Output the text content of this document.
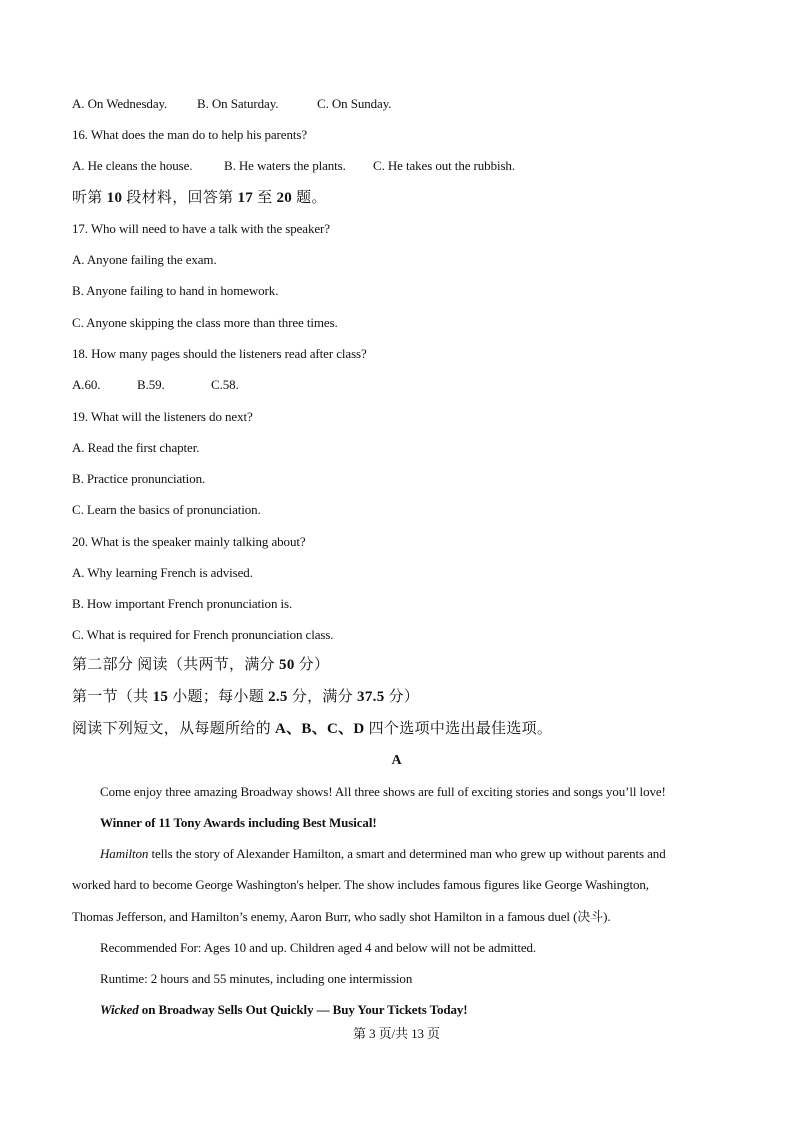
A. On Wednesday. B. On Saturday.	C. On Sunday.
16. What does the man do to help his parents?
A. He cleans the house. B. He waters the plants. C. He takes out the rubbish.
听第 10 段材料，回答第 17 至 20 题。
17. Who will need to have a talk with the speaker?
A. Anyone failing the exam.
B. Anyone failing to hand in homework.
C. Anyone skipping the class more than three times.
18. How many pages should the listeners read after class?
A.60.	B.59.	C.58.
19. What will the listeners do next?
A. Read the first chapter.
B. Practice pronunciation.
C. Learn the basics of pronunciation.
20. What is the speaker mainly talking about?
A. Why learning French is advised.
B. How important French pronunciation is.
C. What is required for French pronunciation class.
第二部分 阅读（共两节，满分 50 分）
第一节（共 15 小题；每小题 2.5 分，满分 37.5 分）
阅读下列短文，从每题所给的 A、B、C、D 四个选项中选出最佳选项。
A
Come enjoy three amazing Broadway shows! All three shows are full of exciting stories and songs you’ll love!
Winner of 11 Tony Awards including Best Musical!
Hamilton tells the story of Alexander Hamilton, a smart and determined man who grew up without parents and
worked hard to become George Washington's helper. The show includes famous figures like George Washington,
Thomas Jefferson, and Hamilton’s enemy, Aaron Burr, who sadly shot Hamilton in a famous duel (决斗).
Recommended For: Ages 10 and up. Children aged 4 and below will not be admitted.
Runtime: 2 hours and 55 minutes, including one intermission
Wicked on Broadway Sells Out Quickly — Buy Your Tickets Today!
第 3 页/共 13 页
